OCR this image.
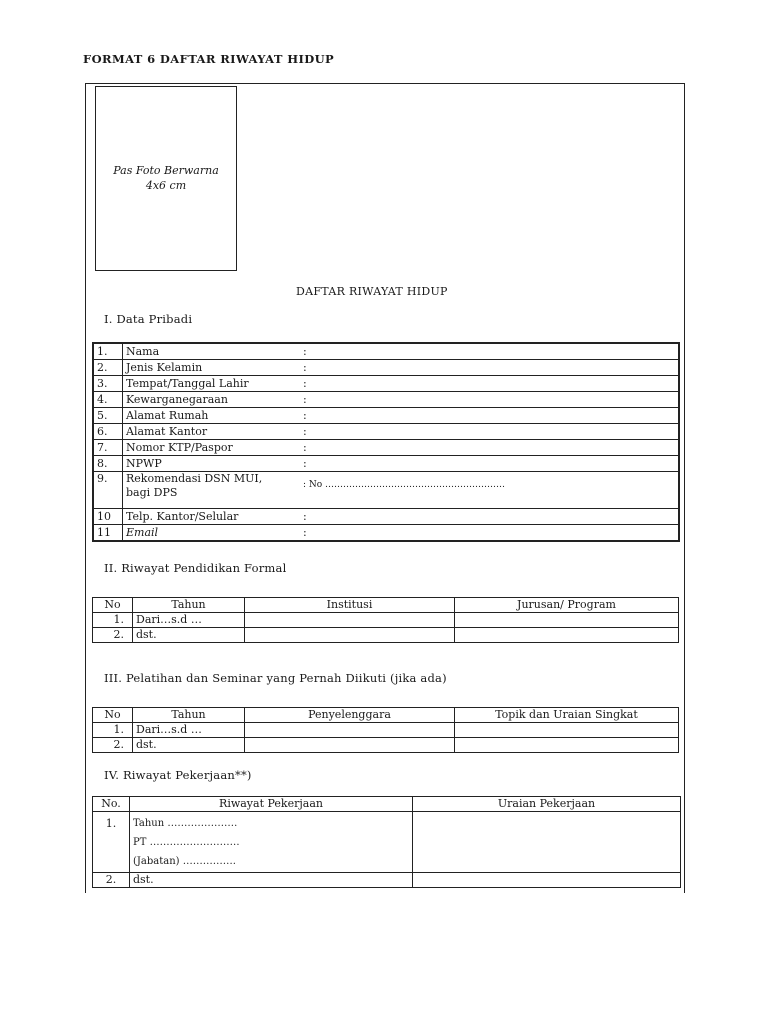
FORMAT 6 DAFTAR RIWAYAT HIDUP
Pas Foto Berwarna
4x6 cm
DAFTAR RIWAYAT HIDUP
I. Data Pribadi
1.	Nama	:
2.	Jenis Kelamin	:
3.	Tempat/Tanggal Lahir	:
4.	Kewarganegaraan	:
5.	Alamat Rumah	:
6.	Alamat Kantor	:
7.	Nomor KTP/Paspor	:
8.	NPWP	:
9.	Rekomendasi DSN MUI,
bagi DPS	: No ……………………………………………………
10	Telp. Kantor/Selular	:
11	Email	:
II. Riwayat Pendidikan Formal
No	Tahun	Institusi	Jurusan/ Program
1.	Dari…s.d …		
2.	dst.		
III. Pelatihan dan Seminar yang Pernah Diikuti (jika ada)
No	Tahun	Penyelenggara	Topik dan Uraian Singkat
1.	Dari…s.d …		
2.	dst.		
IV. Riwayat Pekerjaan**)
No.	Riwayat Pekerjaan	Uraian Pekerjaan
1.	Tahun …………………
PT ………………………
(Jabatan) …………….	

2.	dst.	
